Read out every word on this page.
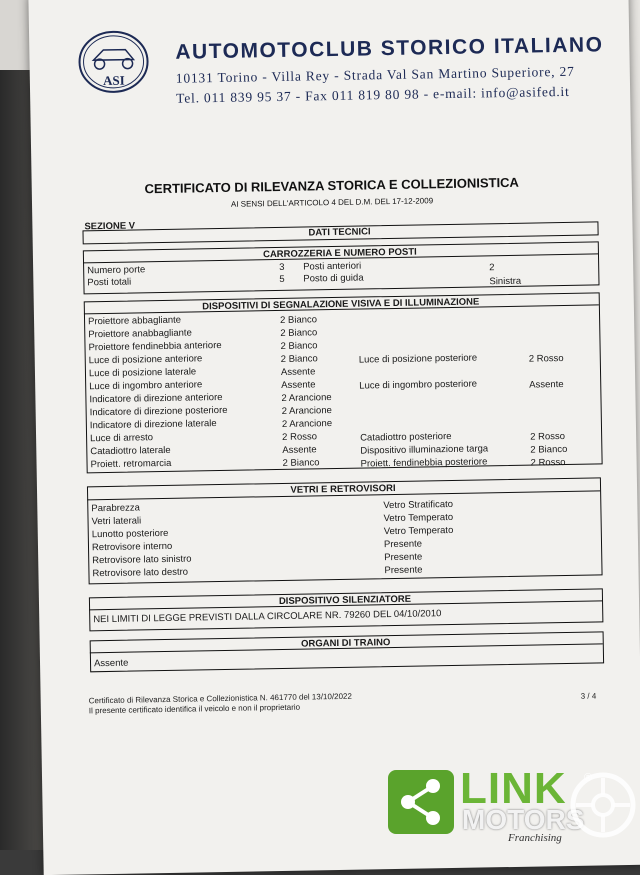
ASI
AUTOMOTOCLUB STORICO ITALIANO
10131 Torino - Villa Rey - Strada Val San Martino Superiore, 27
Tel. 011 839 95 37 - Fax 011 819 80 98 - e-mail: info@asifed.it
CERTIFICATO DI RILEVANZA STORICA E COLLEZIONISTICA
AI SENSI DELL'ARTICOLO 4 DEL D.M. DEL 17-12-2009
SEZIONE V	DATI TECNICI
CARROZZERIA E NUMERO POSTI
Numero porte	3 Posti anteriori	2
Posti totali	5 Posto di guida	Sinistra
DISPOSITIVI DI SEGNALAZIONE VISIVA E DI ILLUMINAZIONE
Proiettore abbagliante	2 Bianco
Proiettore anabbagliante	2 Bianco
Proiettore fendinebbia anteriore	2 Bianco
Luce di posizione anteriore	2 Bianco	Luce di posizione posteriore	2 Rosso
Luce di posizione laterale	Assente
Luce di ingombro anteriore	Assente	Luce di ingombro posteriore	Assente
Indicatore di direzione anteriore	2 Arancione
Indicatore di direzione posteriore	2 Arancione
Indicatore di direzione laterale	2 Arancione
Luce di arresto	2 Rosso	Catadiottro posteriore	2 Rosso
Catadiottro laterale	Assente	Dispositivo illuminazione targa	2 Bianco
Proiett. retromarcia	2 Bianco	Proiett. fendinebbia posteriore	2 Rosso
VETRI E RETROVISORI
Parabrezza	Vetro Stratificato
Vetri laterali	Vetro Temperato
Lunotto posteriore	Vetro Temperato
Retrovisore interno	Presente
Retrovisore lato sinistro	Presente
Retrovisore lato destro	Presente
DISPOSITIVO SILENZIATORE
NEI LIMITI DI LEGGE PREVISTI DALLA CIRCOLARE NR. 79260 DEL 04/10/2010
ORGANI DI TRAINO
Assente
Certificato di Rilevanza Storica e Collezionistica N. 461770 del 13/10/2022
Il presente certificato identifica il veicolo e non il proprietario
3 / 4
LINK
MOTORS
Franchising
®
